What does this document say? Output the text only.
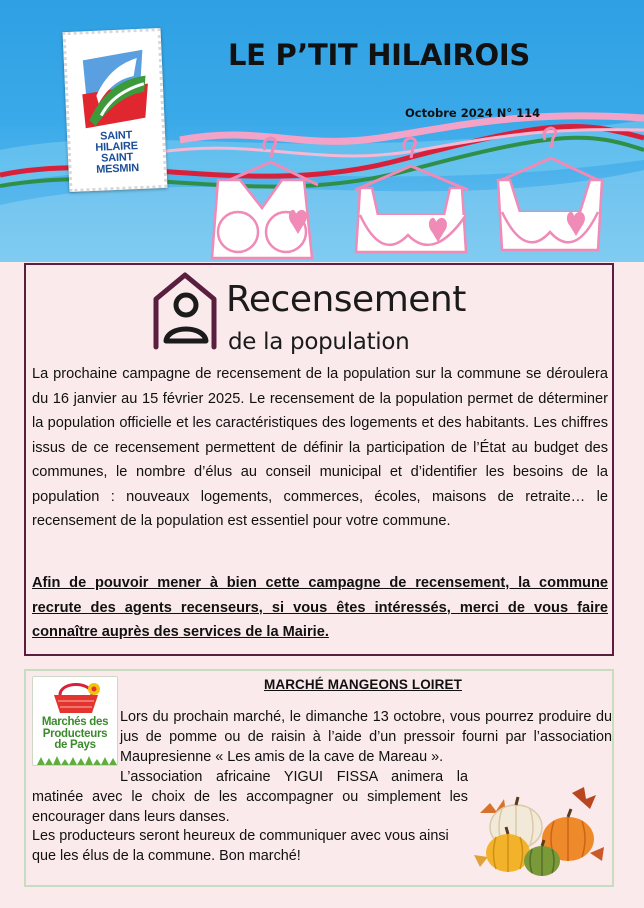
SAINT
HILAIRE
SAINT
MESMIN
LE P’TIT HILAIROIS
Octobre 2024 N° 114
Recensement
de la population

La prochaine campagne de recensement de la population sur la commune se déroulera du 16 janvier au 15 février 2025. Le recensement de la population permet de déterminer la population officielle et les caractéristiques des logements et des habitants. Les chiffres issus de ce recensement permettent de définir la participation de l’État au budget des communes, le nombre d’élus au conseil municipal et d’identifier les besoins de la population : nouveaux logements, commerces, écoles, maisons de retraite… le recensement de la population est essentiel pour votre commune.

Afin de pouvoir mener à bien cette campagne de recensement, la commune recrute des agents recenseurs, si vous êtes intéressés, merci de vous faire connaître auprès des services de la Mairie.

Marchés des
Producteurs
de Pays
MARCHÉ MANGEONS LOIRET

Lors du prochain marché, le dimanche 13 octobre, vous pourrez produire du jus de pomme ou de raisin à l’aide d’un pressoir fourni par l’association Maupresienne « Les amis de la cave de Mareau ».

L’association africaine YIGUI FISSA animera la matinée avec le choix de les accompagner ou simplement les encourager dans leurs danses.

Les producteurs seront heureux de communiquer avec vous ainsi que les élus de la commune. Bon marché!
